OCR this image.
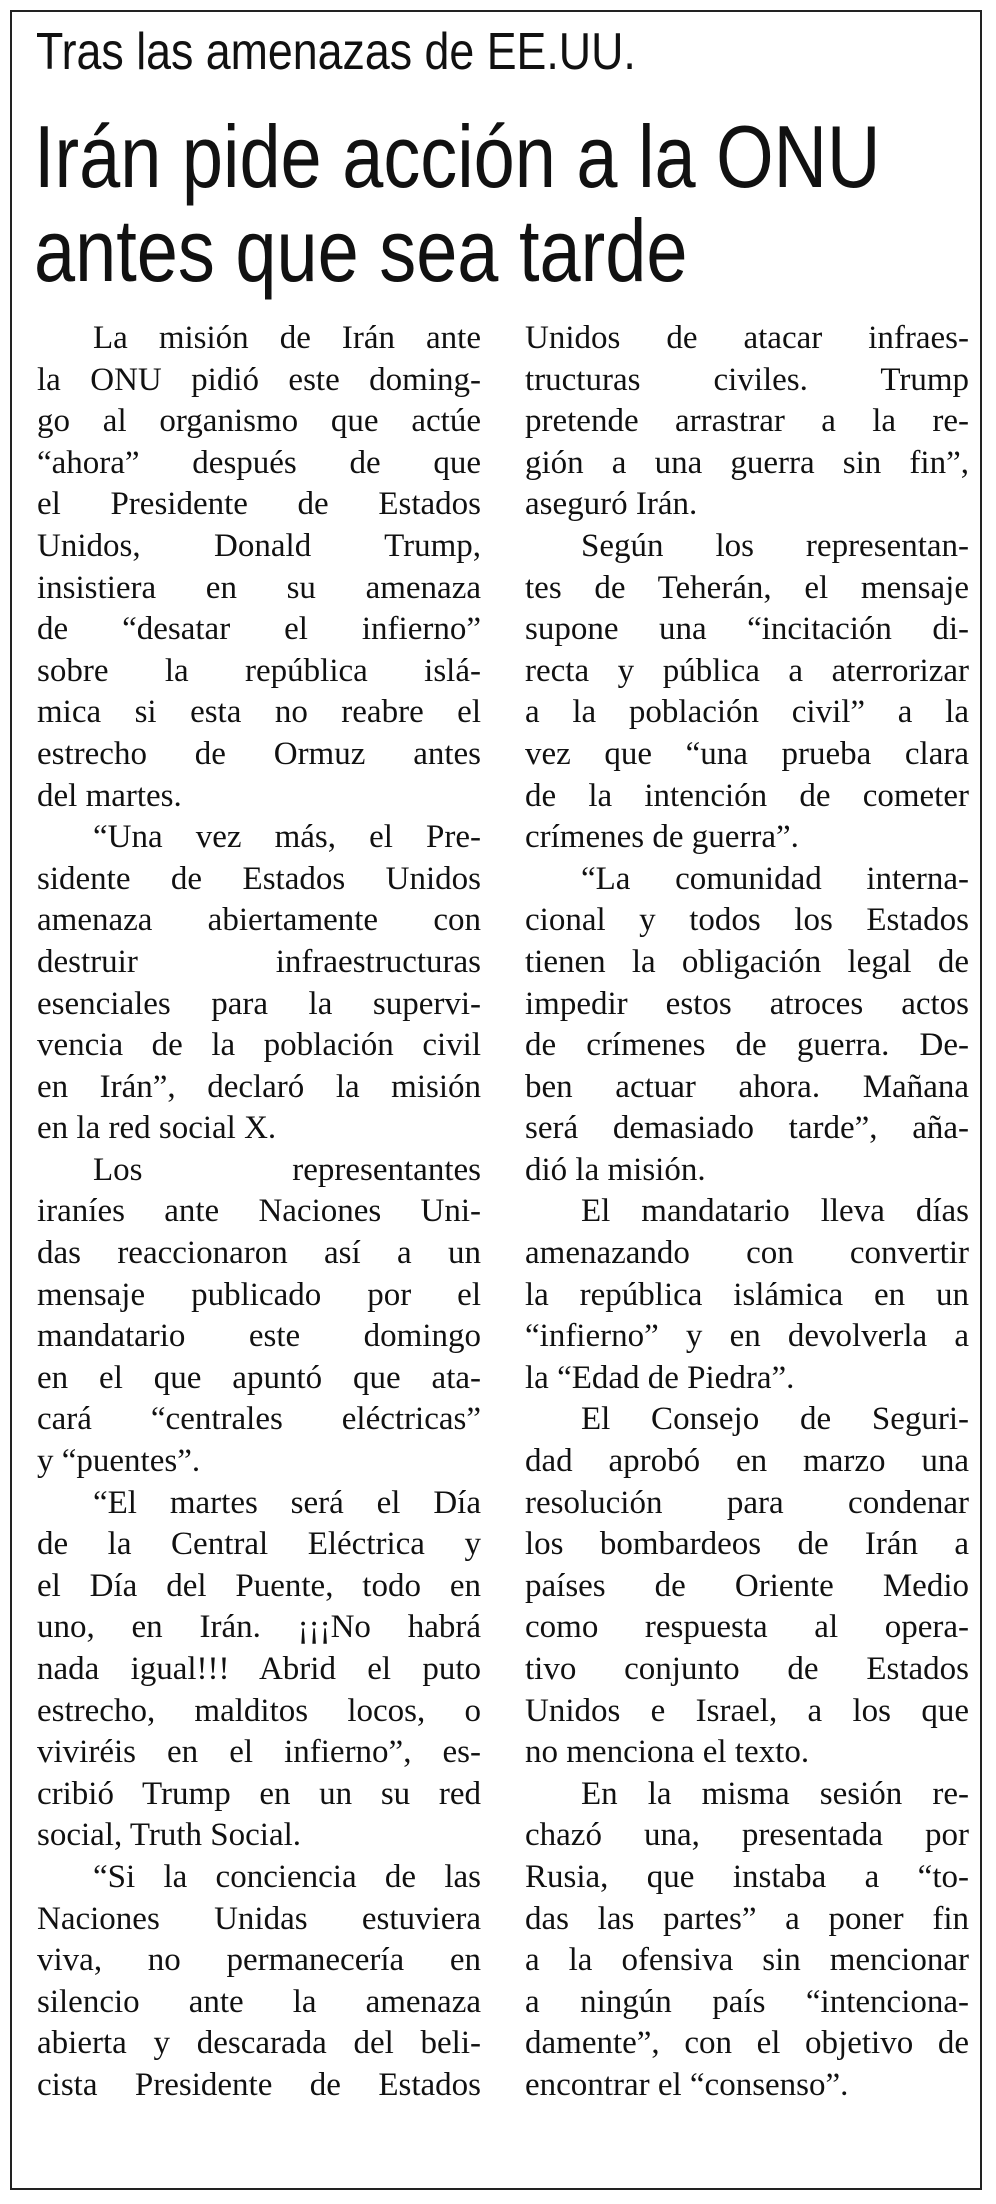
Tras las amenazas de EE.UU.
Irán pide acción a la ONU
antes que sea tarde
La misión de Irán ante
la ONU pidió este doming-
go al organismo que actúe
“ahora” después de que
el Presidente de Estados
Unidos, Donald Trump,
insistiera en su amenaza
de “desatar el infierno”
sobre la república islá-
mica si esta no reabre el
estrecho de Ormuz antes
del martes.
“Una vez más, el Pre-
sidente de Estados Unidos
amenaza abiertamente con
destruir infraestructuras
esenciales para la supervi-
vencia de la población civil
en Irán”, declaró la misión
en la red social X.
Los representantes
iraníes ante Naciones Uni-
das reaccionaron así a un
mensaje publicado por el
mandatario este domingo
en el que apuntó que ata-
cará “centrales eléctricas”
y “puentes”.
“El martes será el Día
de la Central Eléctrica y
el Día del Puente, todo en
uno, en Irán. ¡¡¡No habrá
nada igual!!! Abrid el puto
estrecho, malditos locos, o
viviréis en el infierno”, es-
cribió Trump en un su red
social, Truth Social.
“Si la conciencia de las
Naciones Unidas estuviera
viva, no permanecería en
silencio ante la amenaza
abierta y descarada del beli-
cista Presidente de Estados
Unidos de atacar infraes-
tructuras civiles. Trump
pretende arrastrar a la re-
gión a una guerra sin fin”,
aseguró Irán.
Según los representan-
tes de Teherán, el mensaje
supone una “incitación di-
recta y pública a aterrorizar
a la población civil” a la
vez que “una prueba clara
de la intención de cometer
crímenes de guerra”.
“La comunidad interna-
cional y todos los Estados
tienen la obligación legal de
impedir estos atroces actos
de crímenes de guerra. De-
ben actuar ahora. Mañana
será demasiado tarde”, aña-
dió la misión.
El mandatario lleva días
amenazando con convertir
la república islámica en un
“infierno” y en devolverla a
la “Edad de Piedra”.
El Consejo de Seguri-
dad aprobó en marzo una
resolución para condenar
los bombardeos de Irán a
países de Oriente Medio
como respuesta al opera-
tivo conjunto de Estados
Unidos e Israel, a los que
no menciona el texto.
En la misma sesión re-
chazó una, presentada por
Rusia, que instaba a “to-
das las partes” a poner fin
a la ofensiva sin mencionar
a ningún país “intenciona-
damente”, con el objetivo de
encontrar el “consenso”.
